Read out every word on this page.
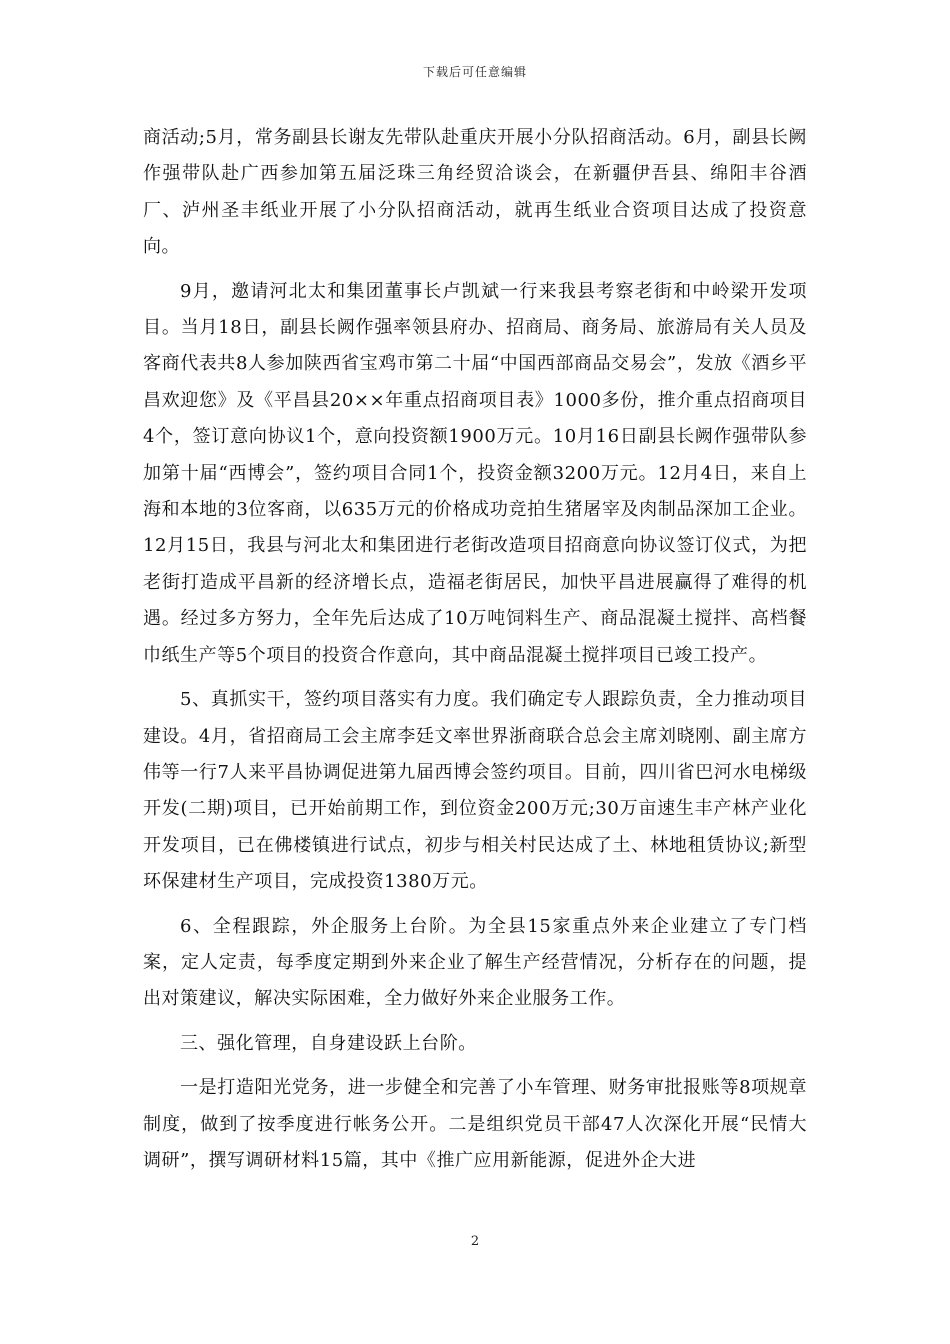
下载后可任意编辑

商活动;5月，常务副县长谢友先带队赴重庆开展小分队招商活动。6月，副县长阙作强带队赴广西参加第五届泛珠三角经贸洽谈会，在新疆伊吾县、绵阳丰谷酒厂、泸州圣丰纸业开展了小分队招商活动，就再生纸业合资项目达成了投资意向。

9月，邀请河北太和集团董事长卢凯斌一行来我县考察老街和中岭梁开发项目。当月18日，副县长阙作强率领县府办、招商局、商务局、旅游局有关人员及客商代表共8人参加陕西省宝鸡市第二十届“中国西部商品交易会”，发放《酒乡平昌欢迎您》及《平昌县20××年重点招商项目表》1000多份，推介重点招商项目4个，签订意向协议1个，意向投资额1900万元。10月16日副县长阙作强带队参加第十届“西博会”，签约项目合同1个，投资金额3200万元。12月4日，来自上海和本地的3位客商，以635万元的价格成功竞拍生猪屠宰及肉制品深加工企业。12月15日，我县与河北太和集团进行老街改造项目招商意向协议签订仪式，为把老街打造成平昌新的经济增长点，造福老街居民，加快平昌进展赢得了难得的机遇。经过多方努力，全年先后达成了10万吨饲料生产、商品混凝土搅拌、高档餐巾纸生产等5个项目的投资合作意向，其中商品混凝土搅拌项目已竣工投产。

5、真抓实干，签约项目落实有力度。我们确定专人跟踪负责，全力推动项目建设。4月，省招商局工会主席李廷文率世界浙商联合总会主席刘晓刚、副主席方伟等一行7人来平昌协调促进第九届西博会签约项目。目前，四川省巴河水电梯级开发(二期)项目，已开始前期工作，到位资金200万元;30万亩速生丰产林产业化开发项目，已在佛楼镇进行试点，初步与相关村民达成了土、林地租赁协议;新型环保建材生产项目，完成投资1380万元。

6、全程跟踪，外企服务上台阶。为全县15家重点外来企业建立了专门档案，定人定责，每季度定期到外来企业了解生产经营情况，分析存在的问题，提出对策建议，解决实际困难，全力做好外来企业服务工作。

三、强化管理，自身建设跃上台阶。

一是打造阳光党务，进一步健全和完善了小车管理、财务审批报账等8项规章制度，做到了按季度进行帐务公开。二是组织党员干部47人次深化开展“民情大调研”，撰写调研材料15篇，其中《推广应用新能源，促进外企大进

2
